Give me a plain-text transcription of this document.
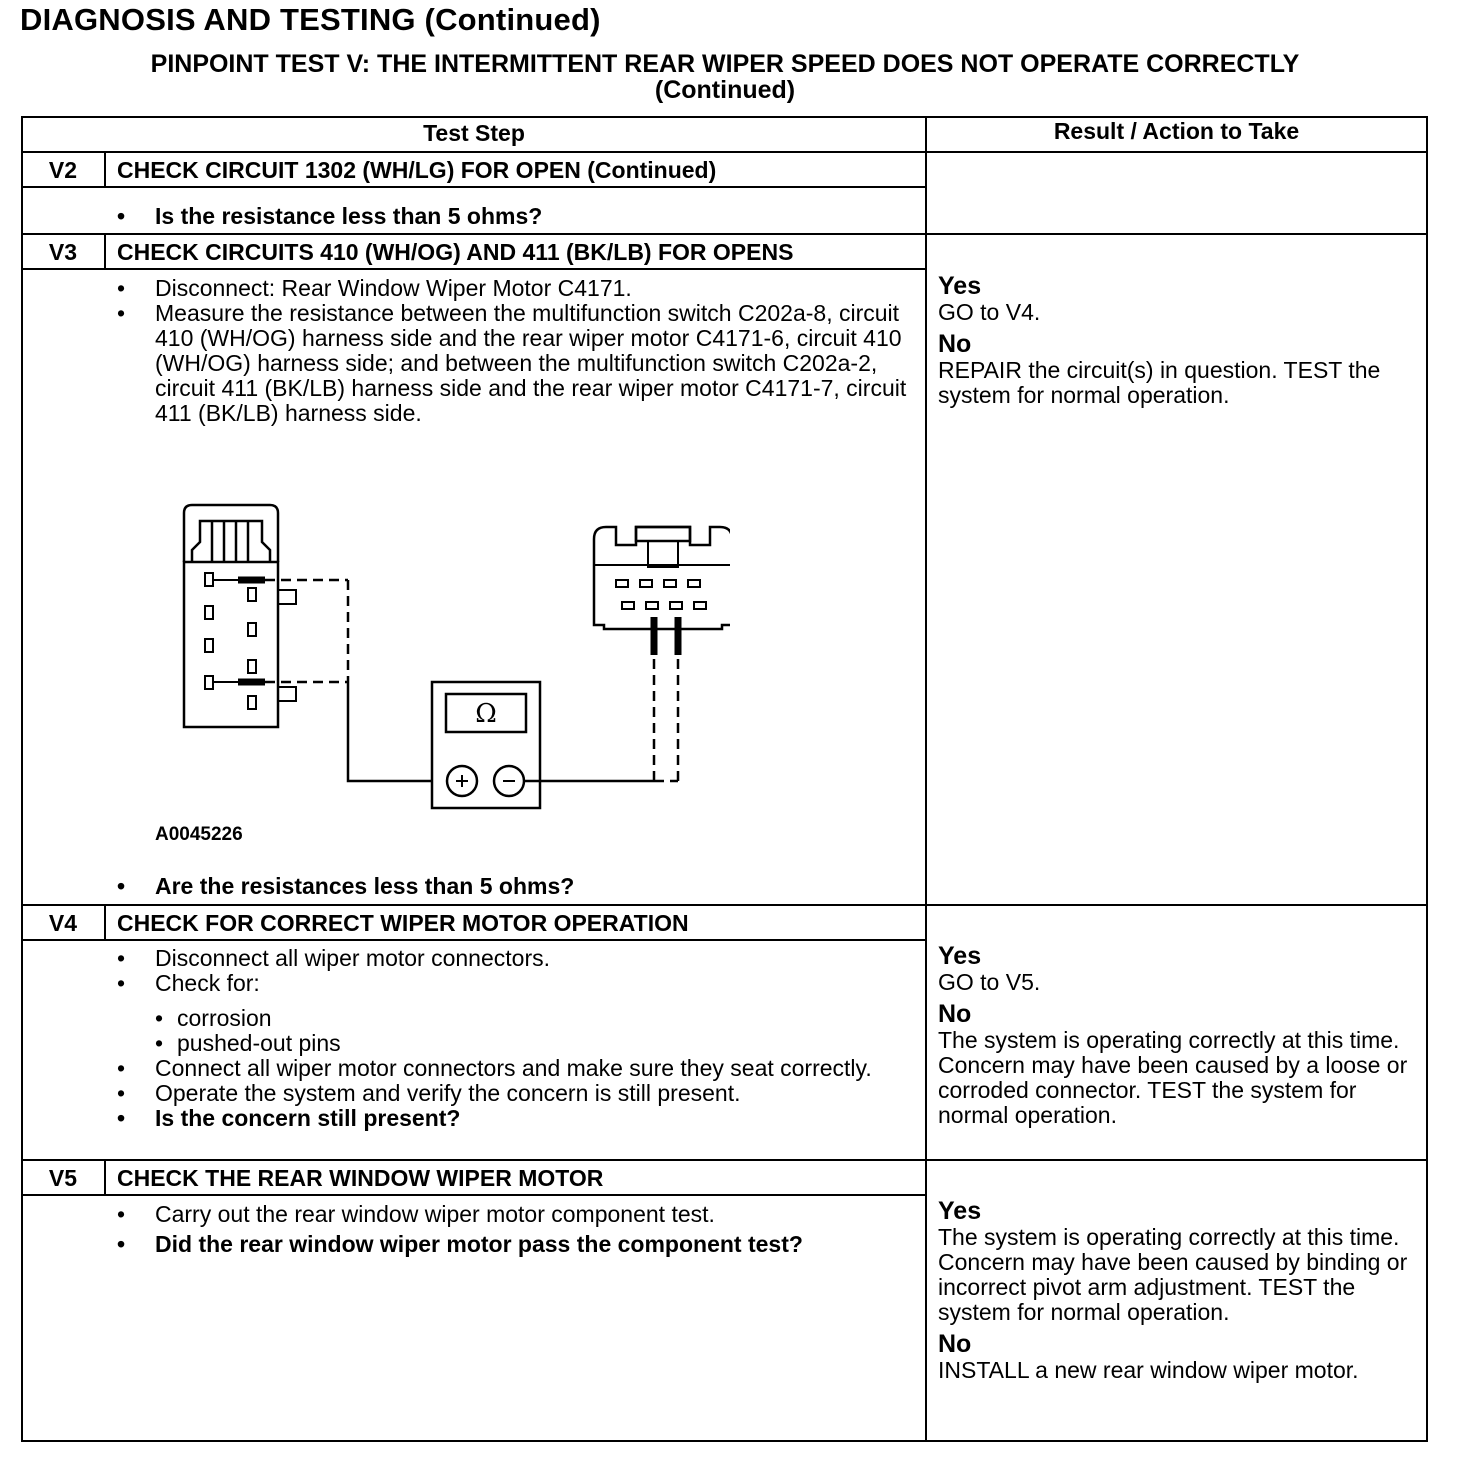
DIAGNOSIS AND TESTING (Continued)
PINPOINT TEST V: THE INTERMITTENT REAR WIPER SPEED DOES NOT OPERATE CORRECTLY
(Continued)
Test Step	Result / Action to Take
V2	CHECK CIRCUIT 1302 (WH/LG) FOR OPEN (Continued)
• Is the resistance less than 5 ohms?
V3	CHECK CIRCUITS 410 (WH/OG) AND 411 (BK/LB) FOR OPENS
• Disconnect: Rear Window Wiper Motor C4171.
• Measure the resistance between the multifunction switch C202a-8, circuit 410 (WH/OG) harness side and the rear wiper motor C4171-6, circuit 410 (WH/OG) harness side; and between the multifunction switch C202a-2, circuit 411 (BK/LB) harness side and the rear wiper motor C4171-7, circuit 411 (BK/LB) harness side.
Ω
A0045226
• Are the resistances less than 5 ohms?
Yes

GO to V4.

No

REPAIR the circuit(s) in question. TEST the system for normal operation.

V4	CHECK FOR CORRECT WIPER MOTOR OPERATION
• Disconnect all wiper motor connectors.
• Check for:
• corrosion
• pushed-out pins
• Connect all wiper motor connectors and make sure they seat correctly.
• Operate the system and verify the concern is still present.
• Is the concern still present?
Yes

GO to V5.

No

The system is operating correctly at this time. Concern may have been caused by a loose or corroded connector. TEST the system for normal operation.

V5	CHECK THE REAR WINDOW WIPER MOTOR
• Carry out the rear window wiper motor component test.
• Did the rear window wiper motor pass the component test?
Yes

The system is operating correctly at this time. Concern may have been caused by binding or incorrect pivot arm adjustment. TEST the system for normal operation.

No

INSTALL a new rear window wiper motor.
